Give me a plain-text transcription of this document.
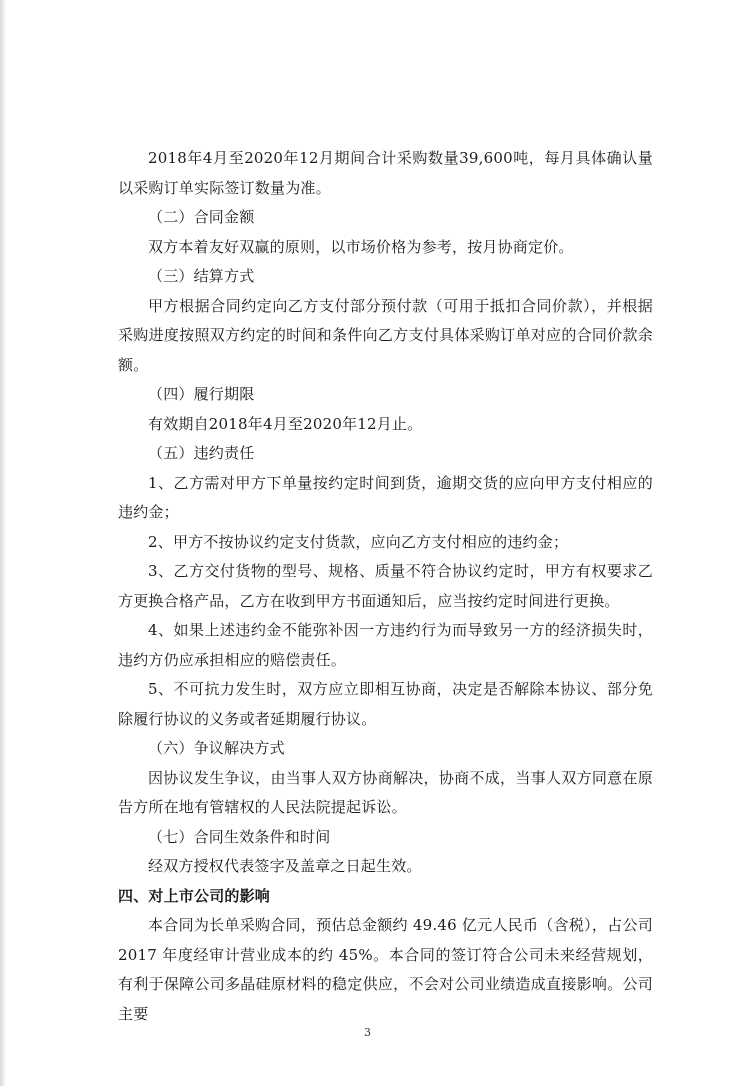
2018年4月至2020年12月期间合计采购数量39,600吨，每月具体确认量以采购订单实际签订数量为准。

（二）合同金额

双方本着友好双赢的原则，以市场价格为参考，按月协商定价。

（三）结算方式

甲方根据合同约定向乙方支付部分预付款（可用于抵扣合同价款），并根据采购进度按照双方约定的时间和条件向乙方支付具体采购订单对应的合同价款余额。

（四）履行期限

有效期自2018年4月至2020年12月止。

（五）违约责任

1、乙方需对甲方下单量按约定时间到货，逾期交货的应向甲方支付相应的违约金；

2、甲方不按协议约定支付货款，应向乙方支付相应的违约金；

3、乙方交付货物的型号、规格、质量不符合协议约定时，甲方有权要求乙方更换合格产品，乙方在收到甲方书面通知后，应当按约定时间进行更换。

4、如果上述违约金不能弥补因一方违约行为而导致另一方的经济损失时，违约方仍应承担相应的赔偿责任。

5、不可抗力发生时，双方应立即相互协商，决定是否解除本协议、部分免除履行协议的义务或者延期履行协议。

（六）争议解决方式

因协议发生争议，由当事人双方协商解决，协商不成，当事人双方同意在原告方所在地有管辖权的人民法院提起诉讼。

（七）合同生效条件和时间

经双方授权代表签字及盖章之日起生效。

四、对上市公司的影响

本合同为长单采购合同，预估总金额约 49.46 亿元人民币（含税），占公司 2017 年度经审计营业成本的约 45%。本合同的签订符合公司未来经营规划，有利于保障公司多晶硅原材料的稳定供应，不会对公司业绩造成直接影响。公司主要

3
